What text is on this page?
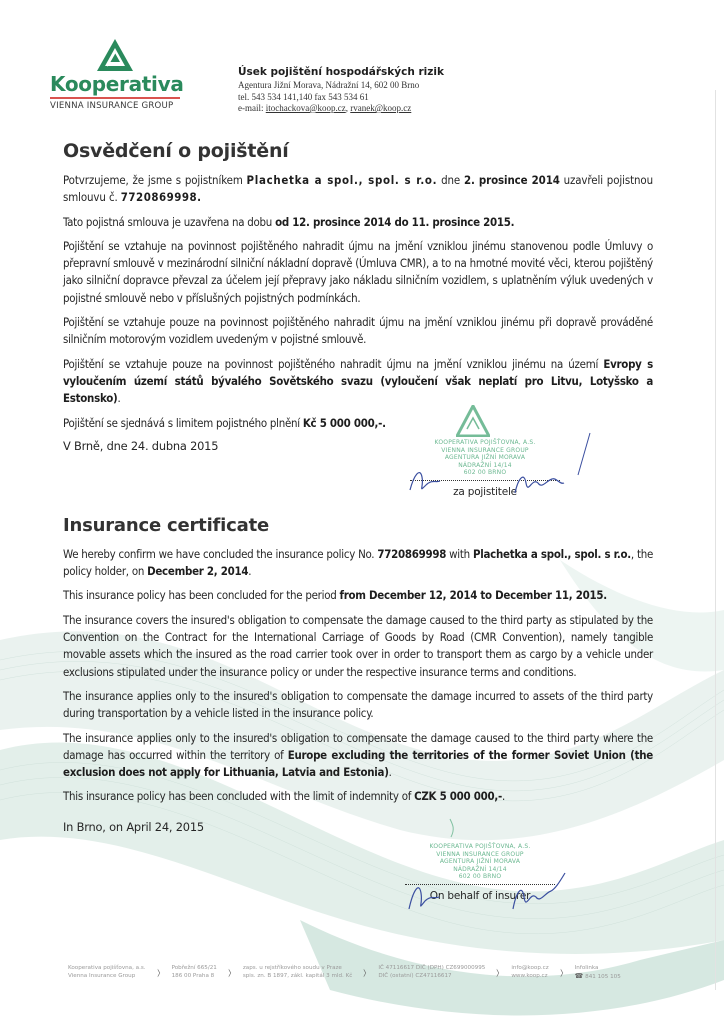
Kooperativa
VIENNA INSURANCE GROUP
Úsek pojištění hospodářských rizik
Agentura Jižní Morava, Nádražní 14, 602 00 Brno
tel. 543 534 141,140 fax 543 534 61
e-mail: itochackova@koop.cz, rvanek@koop.cz
Osvědčení o pojištění

Potvrzujeme, že jsme s pojistníkem Plachetka a spol., spol. s r.o. dne 2. prosince 2014 uzavřeli pojistnou smlouvu č. 7720869998.

Tato pojistná smlouva je uzavřena na dobu od 12. prosince 2014 do 11. prosince 2015.

Pojištění se vztahuje na povinnost pojištěného nahradit újmu na jmění vzniklou jinému stanovenou podle Úmluvy o přepravní smlouvě v mezinárodní silniční nákladní dopravě (Úmluva CMR), a to na hmotné movité věci, kterou pojištěný jako silniční dopravce převzal za účelem její přepravy jako nákladu silničním vozidlem, s uplatněním výluk uvedených v pojistné smlouvě nebo v příslušných pojistných podmínkách.

Pojištění se vztahuje pouze na povinnost pojištěného nahradit újmu na jmění vzniklou jinému při dopravě prováděné silničním motorovým vozidlem uvedeným v pojistné smlouvě.

Pojištění se vztahuje pouze na povinnost pojištěného nahradit újmu na jmění vzniklou jinému na území Evropy s vyloučením území států bývalého Sovětského svazu (vyloučení však neplatí pro Litvu, Lotyšsko a Estonsko).

Pojištění se sjednává s limitem pojistného plnění Kč 5 000 000,-.

V Brně, dne 24. dubna 2015
Insurance certificate

We hereby confirm we have concluded the insurance policy No. 7720869998 with Plachetka a spol., spol. s r.o., the policy holder, on December 2, 2014.

This insurance policy has been concluded for the period from December 12, 2014 to December 11, 2015.

The insurance covers the insured's obligation to compensate the damage caused to the third party as stipulated by the Convention on the Contract for the International Carriage of Goods by Road (CMR Convention), namely tangible movable assets which the insured as the road carrier took over in order to transport them as cargo by a vehicle under exclusions stipulated under the insurance policy or under the respective insurance terms and conditions.

The insurance applies only to the insured's obligation to compensate the damage incurred to assets of the third party during transportation by a vehicle listed in the insurance policy.

The insurance applies only to the insured's obligation to compensate the damage caused to the third party where the damage has occurred within the territory of Europe excluding the territories of the former Soviet Union (the exclusion does not apply for Lithuania, Latvia and Estonia).

This insurance policy has been concluded with the limit of indemnity of CZK 5 000 000,-.

In Brno, on April 24, 2015
KOOPERATIVA POJIŠŤOVNA, A.S.
VIENNA INSURANCE GROUP
AGENTURA JIŽNÍ MORAVA
NÁDRAŽNÍ 14/14
602 00 BRNO
za pojistitele
KOOPERATIVA POJIŠŤOVNA, A.S.
VIENNA INSURANCE GROUP
AGENTURA JIŽNÍ MORAVA
NÁDRAŽNÍ 14/14
602 00 BRNO
On behalf of insurer
Kooperativa pojišťovna, a.s.
Vienna Insurance Group	› Pobřežní 665/21
186 00 Praha 8 › zaps. u rejstříkového soudu v Praze
spis. zn. B 1897, zákl. kapitál 3 mld. Kč › IČ 47116617 DIČ (DPH) CZ699000995
DIČ (ostatní) CZ47116617	› info@koop.cz
www.koop.cz › Infolinka
☎ 841 105 105
